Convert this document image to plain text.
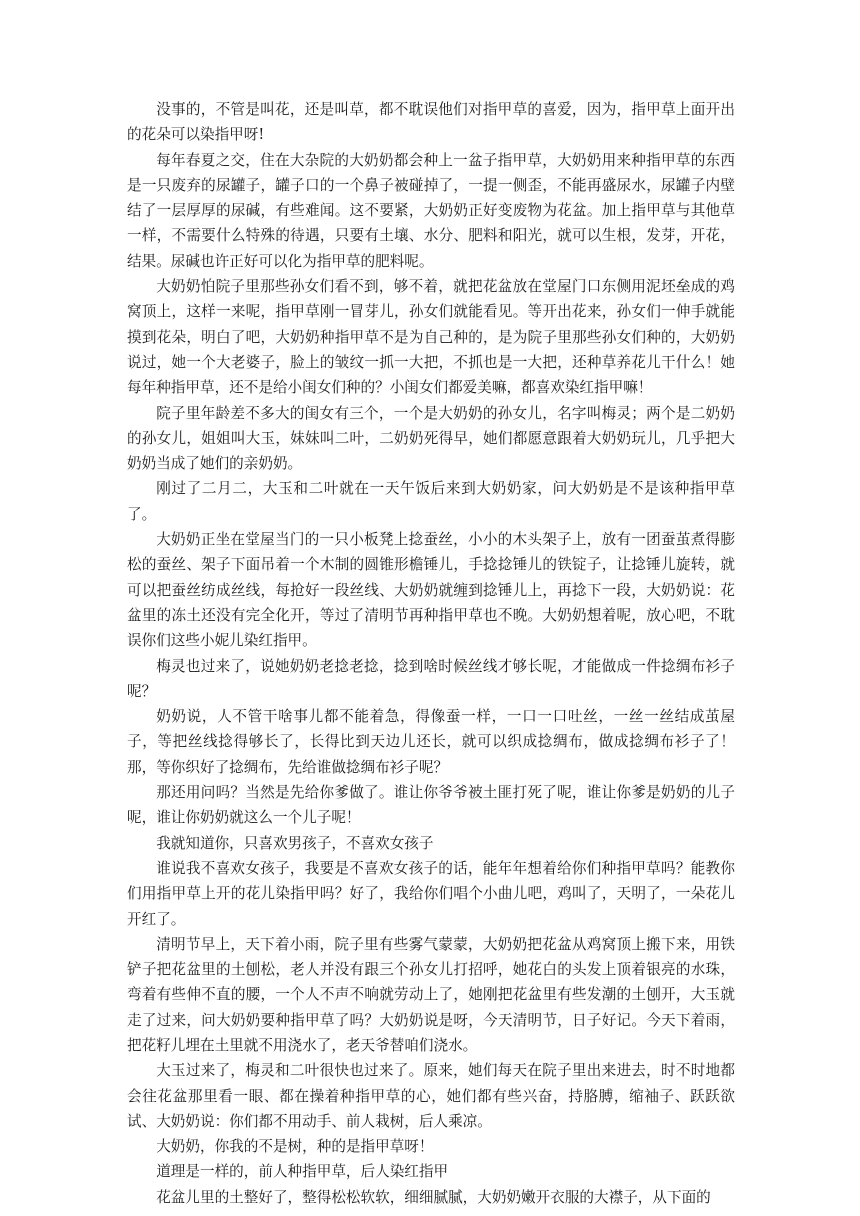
没事的，不管是叫花，还是叫草，都不耽误他们对指甲草的喜爱，因为，指甲草上面开出的花朵可以染指甲呀!

每年春夏之交，住在大杂院的大奶奶都会种上一盆子指甲草，大奶奶用来种指甲草的东西是一只废弃的尿罐子，罐子口的一个鼻子被碰掉了，一提一侧歪，不能再盛尿水，尿罐子内壁结了一层厚厚的尿碱，有些难闻。这不要紧，大奶奶正好变废物为花盆。加上指甲草与其他草一样，不需要什么特殊的待遇，只要有土壤、水分、肥料和阳光，就可以生根，发芽，开花，结果。尿碱也许正好可以化为指甲草的肥料呢。

大奶奶怕院子里那些孙女们看不到，够不着，就把花盆放在堂屋门口东侧用泥坯垒成的鸡窝顶上，这样一来呢，指甲草刚一冒芽儿，孙女们就能看见。等开出花来，孙女们一伸手就能摸到花朵，明白了吧，大奶奶种指甲草不是为自己种的，是为院子里那些孙女们种的，大奶奶说过，她一个大老婆子，脸上的皱纹一抓一大把，不抓也是一大把，还种草养花儿干什么！她每年种指甲草，还不是给小闺女们种的？小闺女们都爱美嘛，都喜欢染红指甲嘛！

院子里年龄差不多大的闺女有三个，一个是大奶奶的孙女儿，名字叫梅灵；两个是二奶奶的孙女儿，姐姐叫大玉，妹妹叫二叶，二奶奶死得早，她们都愿意跟着大奶奶玩儿，几乎把大奶奶当成了她们的亲奶奶。

刚过了二月二，大玉和二叶就在一天午饭后来到大奶奶家，问大奶奶是不是该种指甲草了。

大奶奶正坐在堂屋当门的一只小板凳上捻蚕丝，小小的木头架子上，放有一团蚕茧煮得膨松的蚕丝、架子下面吊着一个木制的圆锥形檐锤儿，手捻捻锤儿的铁锭子，让捻锤儿旋转，就可以把蚕丝纺成丝线，每抢好一段丝线、大奶奶就缠到捻锤儿上，再捻下一段，大奶奶说：花盆里的冻土还没有完全化开，等过了清明节再种指甲草也不晚。大奶奶想着呢，放心吧，不耽误你们这些小妮儿染红指甲。

梅灵也过来了，说她奶奶老捻老捻，捻到啥时候丝线才够长呢，才能做成一件捻绸布衫子呢？

奶奶说，人不管干啥事儿都不能着急，得像蚕一样，一口一口吐丝，一丝一丝结成茧屋子，等把丝线捻得够长了，长得比到天边儿还长，就可以织成捻绸布，做成捻绸布衫子了！那，等你织好了捻绸布，先给谁做捻绸布衫子呢？

那还用问吗？当然是先给你爹做了。谁让你爷爷被土匪打死了呢，谁让你爹是奶奶的儿子呢，谁让你奶奶就这么一个儿子呢！

我就知道你，只喜欢男孩子，不喜欢女孩子

谁说我不喜欢女孩子，我要是不喜欢女孩子的话，能年年想着给你们种指甲草吗？能教你们用指甲草上开的花儿染指甲吗？好了，我给你们唱个小曲儿吧，鸡叫了，天明了，一朵花儿开红了。

清明节早上，天下着小雨，院子里有些雾气蒙蒙，大奶奶把花盆从鸡窝顶上搬下来，用铁铲子把花盆里的土刨松，老人并没有跟三个孙女儿打招呼，她花白的头发上顶着银亮的水珠，弯着有些伸不直的腰，一个人不声不响就劳动上了，她刚把花盆里有些发潮的土刨开，大玉就走了过来，问大奶奶要种指甲草了吗？大奶奶说是呀，今天清明节，日子好记。今天下着雨，把花籽儿埋在土里就不用浇水了，老天爷替咱们浇水。

大玉过来了，梅灵和二叶很快也过来了。原来，她们每天在院子里出来进去，时不时地都会往花盆那里看一眼、都在操着种指甲草的心，她们都有些兴奋，持胳膊，缩袖子、跃跃欲试、大奶奶说：你们都不用动手、前人栽树，后人乘凉。

大奶奶，你我的不是树，种的是指甲草呀！

道理是一样的，前人种指甲草，后人染红指甲

花盆儿里的土整好了，整得松松软软，细细腻腻，大奶奶嫩开衣服的大襟子，从下面的
